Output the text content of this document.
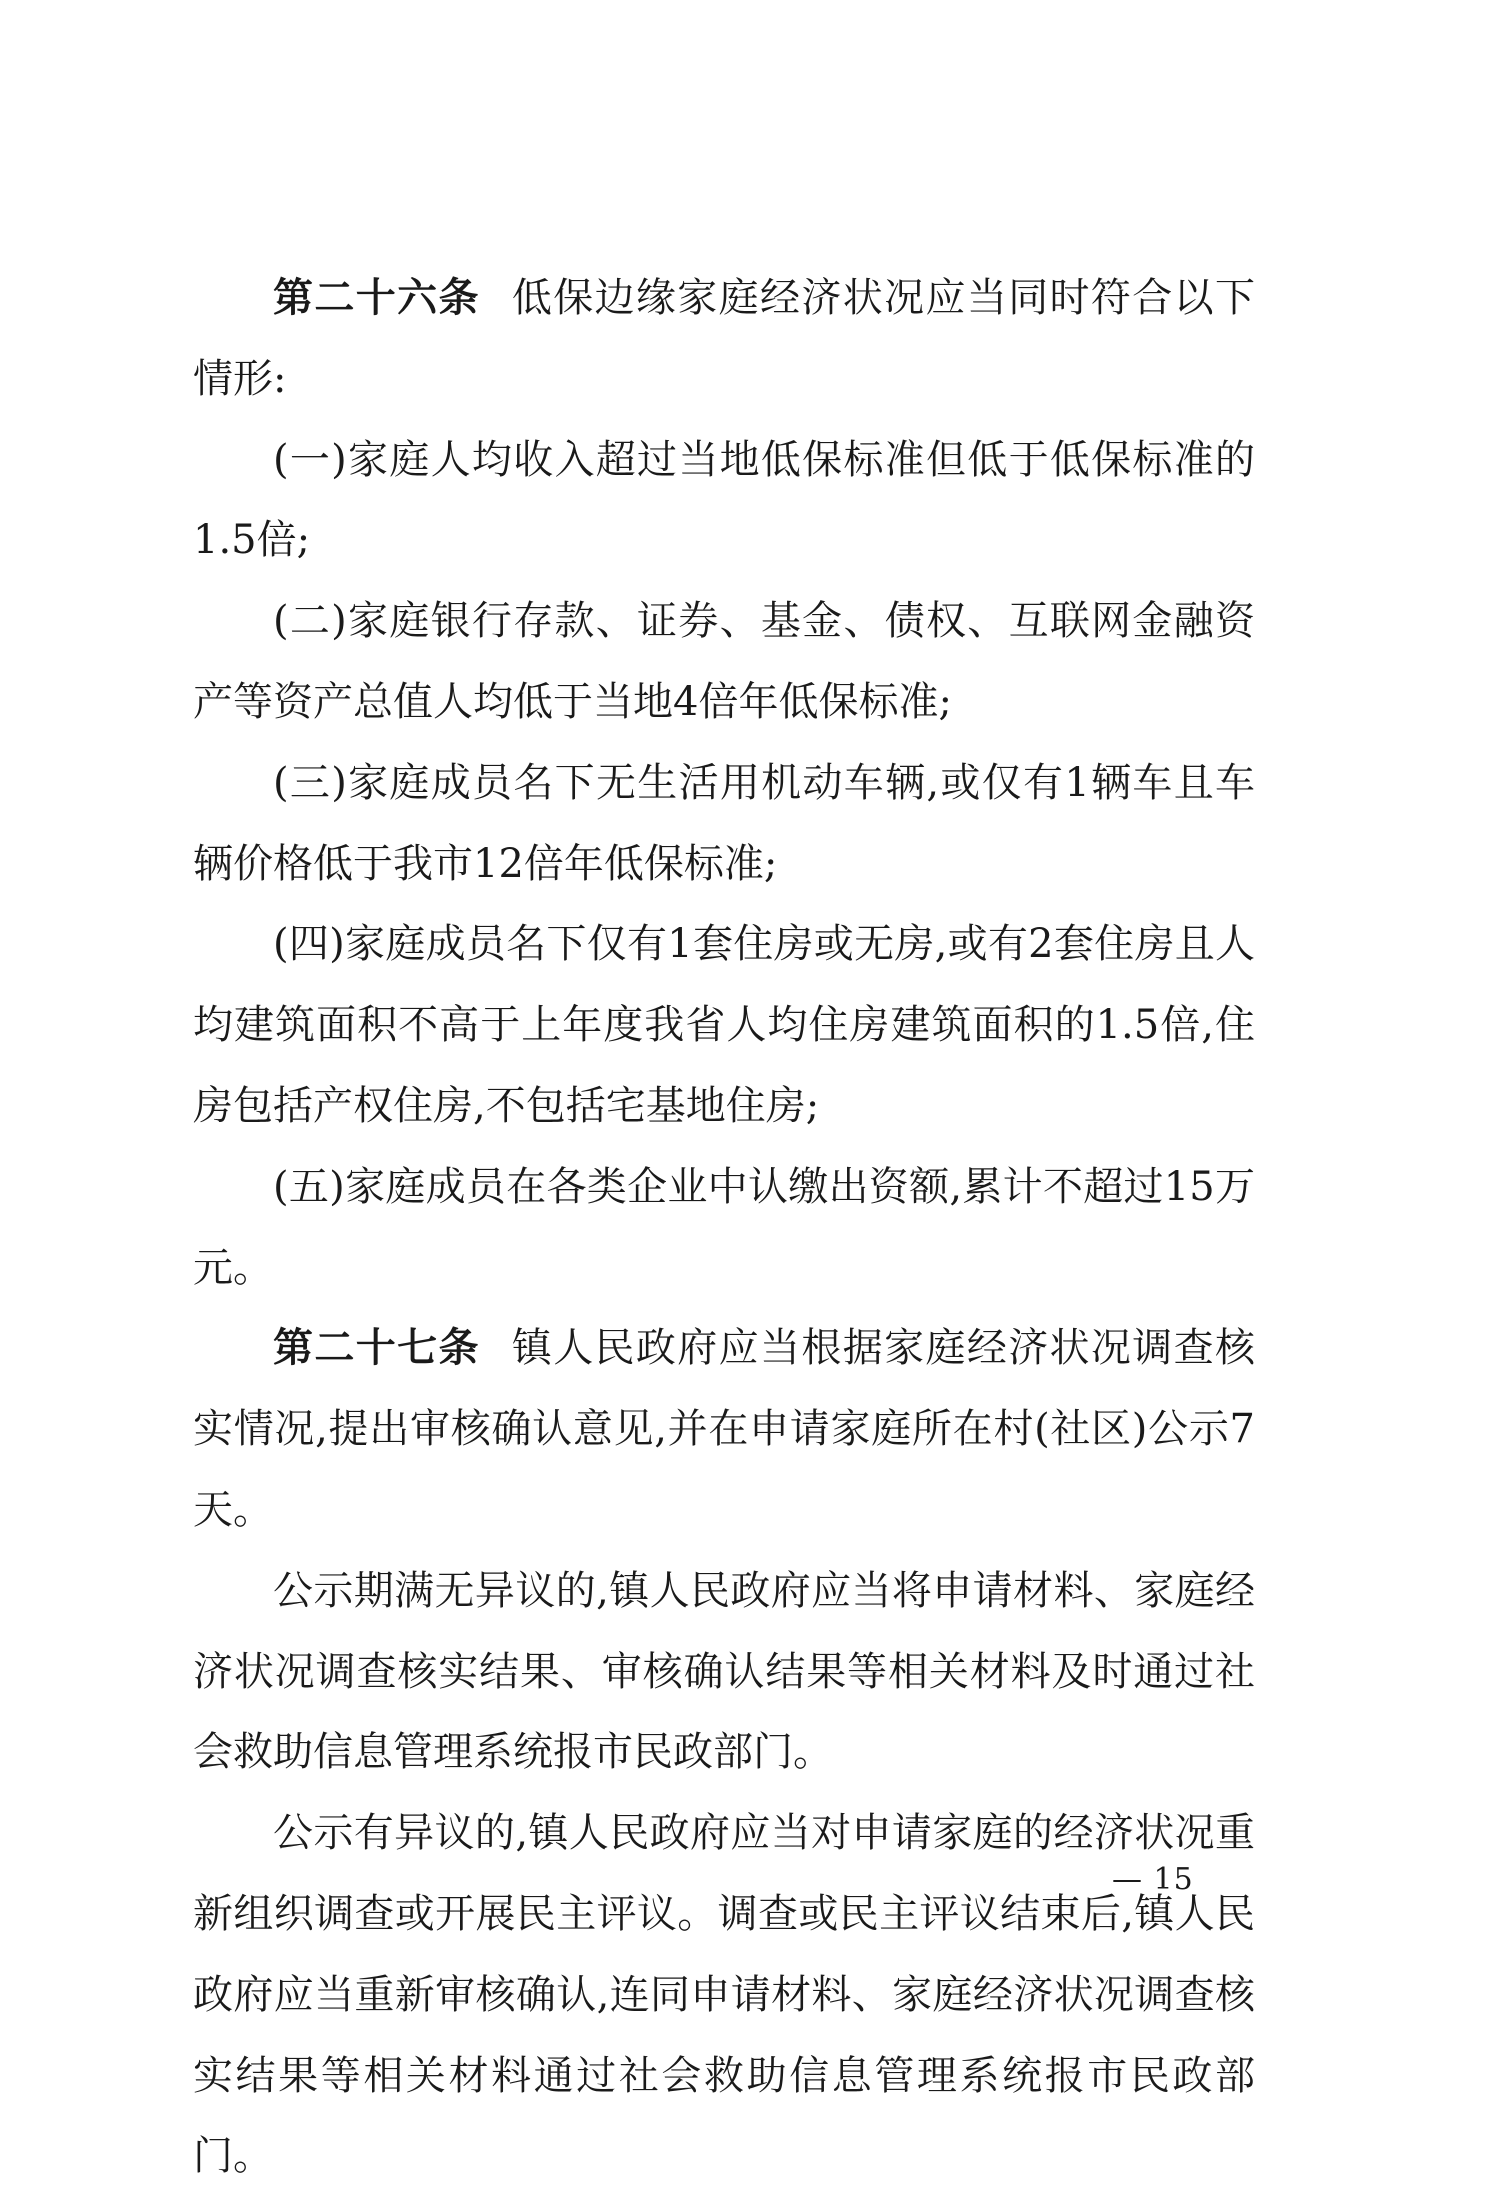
第二十六条 低保边缘家庭经济状况应当同时符合以下情形:

(一)家庭人均收入超过当地低保标准但低于低保标准的1.5倍;

(二)家庭银行存款、证券、基金、债权、互联网金融资产等资产总值人均低于当地4倍年低保标准;

(三)家庭成员名下无生活用机动车辆,或仅有1辆车且车辆价格低于我市12倍年低保标准;

(四)家庭成员名下仅有1套住房或无房,或有2套住房且人均建筑面积不高于上年度我省人均住房建筑面积的1.5倍,住房包括产权住房,不包括宅基地住房;

(五)家庭成员在各类企业中认缴出资额,累计不超过15万元。

第二十七条 镇人民政府应当根据家庭经济状况调查核实情况,提出审核确认意见,并在申请家庭所在村(社区)公示7天。

公示期满无异议的,镇人民政府应当将申请材料、家庭经济状况调查核实结果、审核确认结果等相关材料及时通过社会救助信息管理系统报市民政部门。

公示有异议的,镇人民政府应当对申请家庭的经济状况重新组织调查或开展民主评议。调查或民主评议结束后,镇人民政府应当重新审核确认,连同申请材料、家庭经济状况调查核实结果等相关材料通过社会救助信息管理系统报市民政部门。

— 15
